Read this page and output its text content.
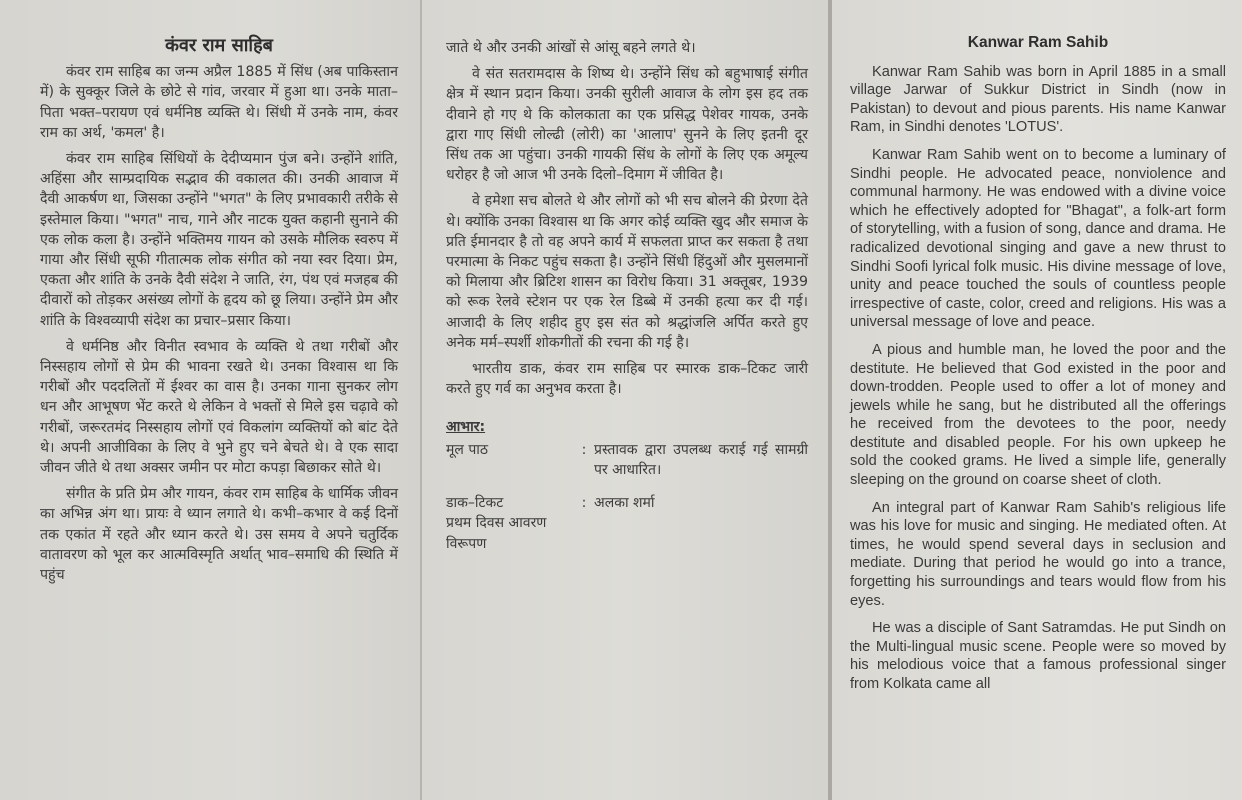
कंवर राम साहिब

कंवर राम साहिब का जन्म अप्रैल 1885 में सिंध (अब पाकिस्तान में) के सुक्कूर जिले के छोटे से गांव, जरवार में हुआ था। उनके माता–पिता भक्त–परायण एवं धर्मनिष्ठ व्यक्ति थे। सिंधी में उनके नाम, कंवर राम का अर्थ, 'कमल' है।

कंवर राम साहिब सिंधियों के देदीप्यमान पुंज बने। उन्होंने शांति, अहिंसा और साम्प्रदायिक सद्भाव की वकालत की। उनकी आवाज में दैवी आकर्षण था, जिसका उन्होंने "भगत" के लिए प्रभावकारी तरीके से इस्तेमाल किया। "भगत" नाच, गाने और नाटक युक्त कहानी सुनाने की एक लोक कला है। उन्होंने भक्तिमय गायन को उसके मौलिक स्वरुप में गाया और सिंधी सूफी गीतात्मक लोक संगीत को नया स्वर दिया। प्रेम, एकता और शांति के उनके दैवी संदेश ने जाति, रंग, पंथ एवं मजहब की दीवारों को तोड़कर असंख्य लोगों के हृदय को छू लिया। उन्होंने प्रेम और शांति के विश्वव्यापी संदेश का प्रचार–प्रसार किया।

वे धर्मनिष्ठ और विनीत स्वभाव के व्यक्ति थे तथा गरीबों और निस्सहाय लोगों से प्रेम की भावना रखते थे। उनका विश्वास था कि गरीबों और पददलितों में ईश्वर का वास है। उनका गाना सुनकर लोग धन और आभूषण भेंट करते थे लेकिन वे भक्तों से मिले इस चढ़ावे को गरीबों, जरूरतमंद निस्सहाय लोगों एवं विकलांग व्यक्तियों को बांट देते थे। अपनी आजीविका के लिए वे भुने हुए चने बेचते थे। वे एक सादा जीवन जीते थे तथा अक्सर जमीन पर मोटा कपड़ा बिछाकर सोते थे।

संगीत के प्रति प्रेम और गायन, कंवर राम साहिब के धार्मिक जीवन का अभिन्न अंग था। प्रायः वे ध्यान लगाते थे। कभी–कभार वे कई दिनों तक एकांत में रहते और ध्यान करते थे। उस समय वे अपने चतुर्दिक वातावरण को भूल कर आत्मविस्मृति अर्थात् भाव–समाधि की स्थिति में पहुंच

जाते थे और उनकी आंखों से आंसू बहने लगते थे।

वे संत सतरामदास के शिष्य थे। उन्होंने सिंध को बहुभाषाई संगीत क्षेत्र में स्थान प्रदान किया। उनकी सुरीली आवाज के लोग इस हद तक दीवाने हो गए थे कि कोलकाता का एक प्रसिद्ध पेशेवर गायक, उनके द्वारा गाए सिंधी लोल्ढी (लोरी) का 'आलाप' सुनने के लिए इतनी दूर सिंध तक आ पहुंचा। उनकी गायकी सिंध के लोगों के लिए एक अमूल्य धरोहर है जो आज भी उनके दिलो–दिमाग में जीवित है।

वे हमेशा सच बोलते थे और लोगों को भी सच बोलने की प्रेरणा देते थे। क्योंकि उनका विश्वास था कि अगर कोई व्यक्ति खुद और समाज के प्रति ईमानदार है तो वह अपने कार्य में सफलता प्राप्त कर सकता है तथा परमात्मा के निकट पहुंच सकता है। उन्होंने सिंधी हिंदुओं और मुसलमानों को मिलाया और ब्रिटिश शासन का विरोध किया। 31 अक्तूबर, 1939 को रूक रेलवे स्टेशन पर एक रेल डिब्बे में उनकी हत्या कर दी गई। आजादी के लिए शहीद हुए इस संत को श्रद्धांजलि अर्पित करते हुए अनेक मर्म–स्पर्शी शोकगीतों की रचना की गई है।

भारतीय डाक, कंवर राम साहिब पर स्मारक डाक–टिकट जारी करते हुए गर्व का अनुभव करता है।

आभार:
मूल पाठ	: प्रस्तावक द्वारा उपलब्ध कराई गई सामग्री पर आधारित।
डाक–टिकट
प्रथम दिवस आवरण
विरूपण
: अलका शर्मा
Kanwar Ram Sahib

Kanwar Ram Sahib was born in April 1885 in a small village Jarwar of Sukkur District in Sindh (now in Pakistan) to devout and pious parents. His name Kanwar Ram, in Sindhi denotes 'LOTUS'.

Kanwar Ram Sahib went on to become a luminary of Sindhi people. He advocated peace, nonviolence and communal harmony. He was endowed with a divine voice which he effectively adopted for "Bhagat", a folk-art form of storytelling, with a fusion of song, dance and drama. He radicalized devotional singing and gave a new thrust to Sindhi Soofi lyrical folk music. His divine message of love, unity and peace touched the souls of countless people irrespective of caste, color, creed and religions. His was a universal message of love and peace.

A pious and humble man, he loved the poor and the destitute. He believed that God existed in the poor and down-trodden. People used to offer a lot of money and jewels while he sang, but he distributed all the offerings he received from the devotees to the poor, needy destitute and disabled people. For his own upkeep he sold the cooked grams. He lived a simple life, generally sleeping on the ground on coarse sheet of cloth.

An integral part of Kanwar Ram Sahib's religious life was his love for music and singing. He mediated often. At times, he would spend several days in seclusion and mediate. During that period he would go into a trance, forgetting his surroundings and tears would flow from his eyes.

He was a disciple of Sant Satramdas. He put Sindh on the Multi-lingual music scene. People were so moved by his melodious voice that a famous professional singer from Kolkata came all
